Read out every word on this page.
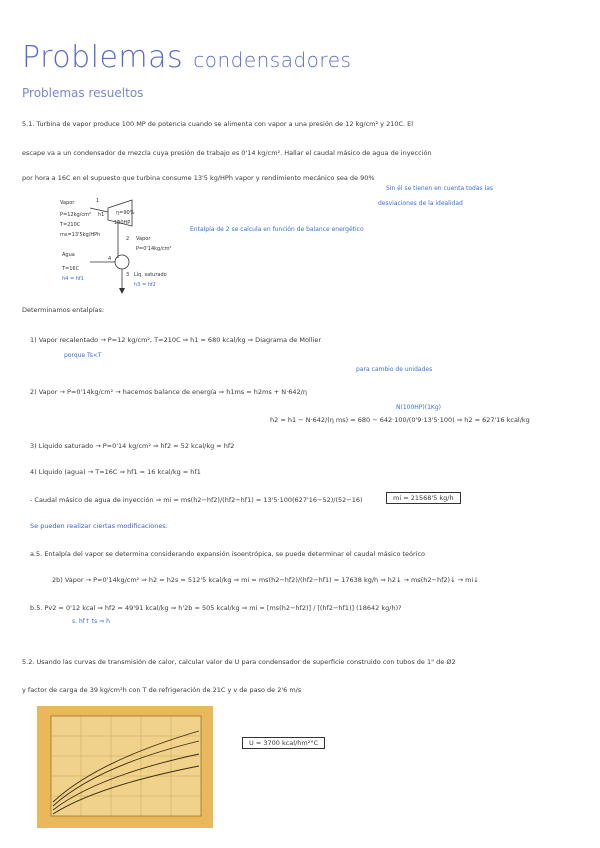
Problemas condensadores
Problemas resueltos
5.1. Turbina de vapor produce 100 MP de potencia cuando se alimenta con vapor a una presión de 12 kg/cm² y 210C. El
escape va a un condensador de mezcla cuya presión de trabajo es 0'14 kg/cm². Hallar el caudal másico de agua de inyección
por hora a 16C en el supuesto que turbina consume 13'5 kg/HPh vapor y rendimiento mecánico sea de 90%
Sin él se tienen en cuenta todas las
desviaciones de la idealidad
Vapor	1
P=12kg/cm² h1
T=210C
ms=13'5kg/HPh
η=90%
100HP
2 Vapor
P=0'14kg/cm²
Agua
4
T=16C
h4 = hf1
3 Líq. saturado
h3 = hf2
Entalpía de 2 se calcula en función de balance energético
Determinamos entalpías:
1) Vapor recalentado → P=12 kg/cm², T=210C ⇒ h1 = 680 kcal/kg ⇒ Diagrama de Mollier
porque Ts<T
para cambio de unidades
2) Vapor → P=0'14kg/cm² → hacemos balance de energía ⇒ h1ms = h2ms + N·642/η
N(100HP)(1Kg)
h2 = h1 − N·642/(η ms) = 680 − 642·100/(0'9·13'5·100) ⇒ h2 = 627'16 kcal/kg
3) Líquido saturado → P=0'14 kg/cm² ⇒ hf2 = 52 kcal/kg = hf2
4) Líquido (agua) → T=16C ⇒ hf1 = 16 kcal/kg = hf1
- Caudal másico de agua de inyección ⇒ mi = ms(h2−hf2)/(hf2−hf1) = 13'5·100(627'16−52)/(52−16)	mi = 21568'5 kg/h
Se pueden realizar ciertas modificaciones:
a.5. Entalpía del vapor se determina considerando expansión isoentrópica, se puede determinar el caudal másico teórico
2b) Vapor → P=0'14kg/cm² ⇒ h2 = h2s = 512'5 kcal/kg ⇒ mi = ms(h2−hf2)/(hf2−hf1) = 17638 kg/h ⇒ h2↓ → ms(h2−hf2)↓ → mi↓
b.5. Pv2 = 0'12 kcal ⇒ hf2 = 49'91 kcal/kg ⇒ h'2b = 505 kcal/kg ⇒ mi = [ms(h2−hf2)] / [(hf2−hf1)] (18642 kg/h)?
s. hf↑ ts ⇒ h
5.2. Usando las curvas de transmisión de calor, calcular valor de U para condensador de superficie construido con tubos de 1" de Ø2
y factor de carga de 39 kg/cm²h con T de refrigeración de 21C y v de paso de 2'6 m/s
U = 3700 kcal/hm²°C
